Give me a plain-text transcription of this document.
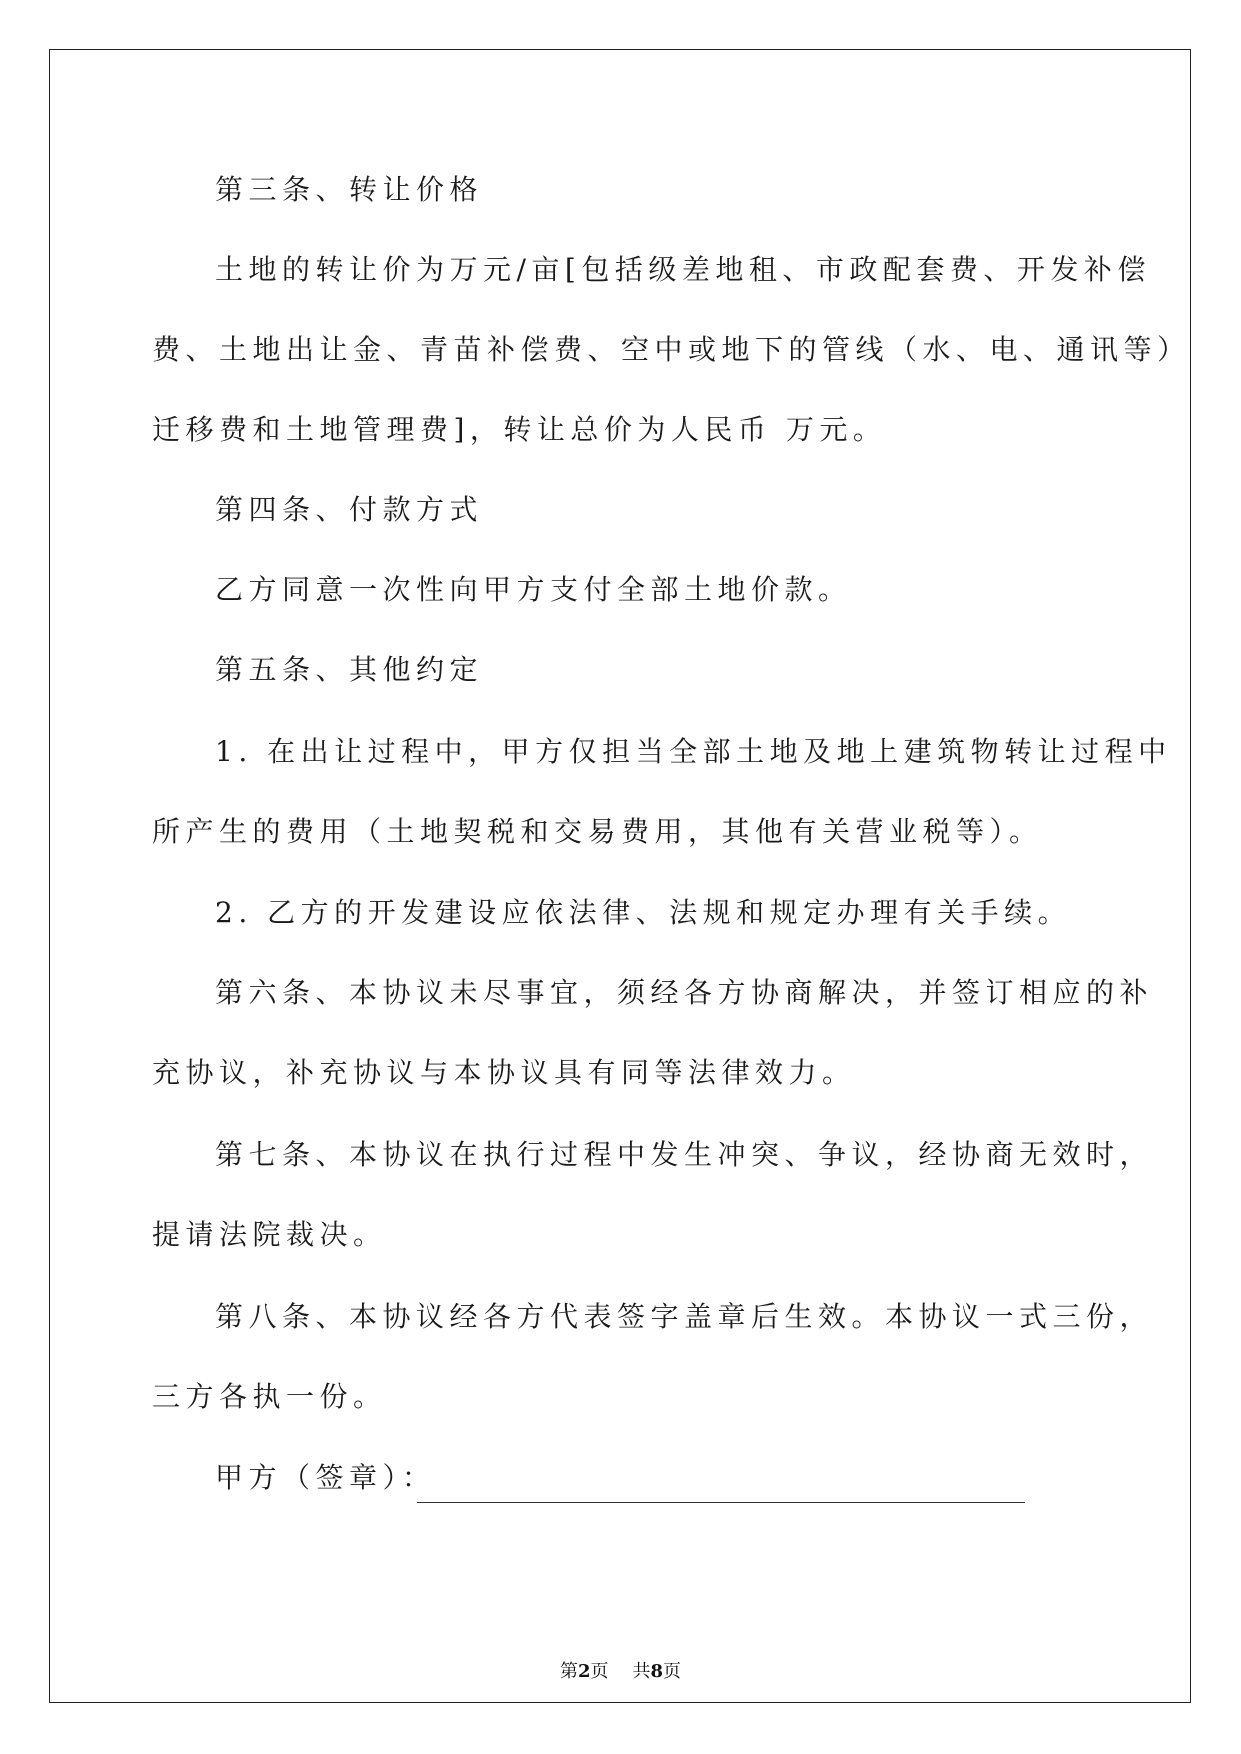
第三条、转让价格
土地的转让价为万元/亩[包括级差地租、市政配套费、开发补偿
费、土地出让金、青苗补偿费、空中或地下的管线（水、电、通讯等）
迁移费和土地管理费]，转让总价为人民币 万元。
第四条、付款方式
乙方同意一次性向甲方支付全部土地价款。
第五条、其他约定
1. 在出让过程中，甲方仅担当全部土地及地上建筑物转让过程中
所产生的费用（土地契税和交易费用，其他有关营业税等）。
2. 乙方的开发建设应依法律、法规和规定办理有关手续。
第六条、本协议未尽事宜，须经各方协商解决，并签订相应的补
充协议，补充协议与本协议具有同等法律效力。
第七条、本协议在执行过程中发生冲突、争议，经协商无效时，
提请法院裁决。
第八条、本协议经各方代表签字盖章后生效。本协议一式三份，
三方各执一份。
甲方（签章）：
第2页 共8页
